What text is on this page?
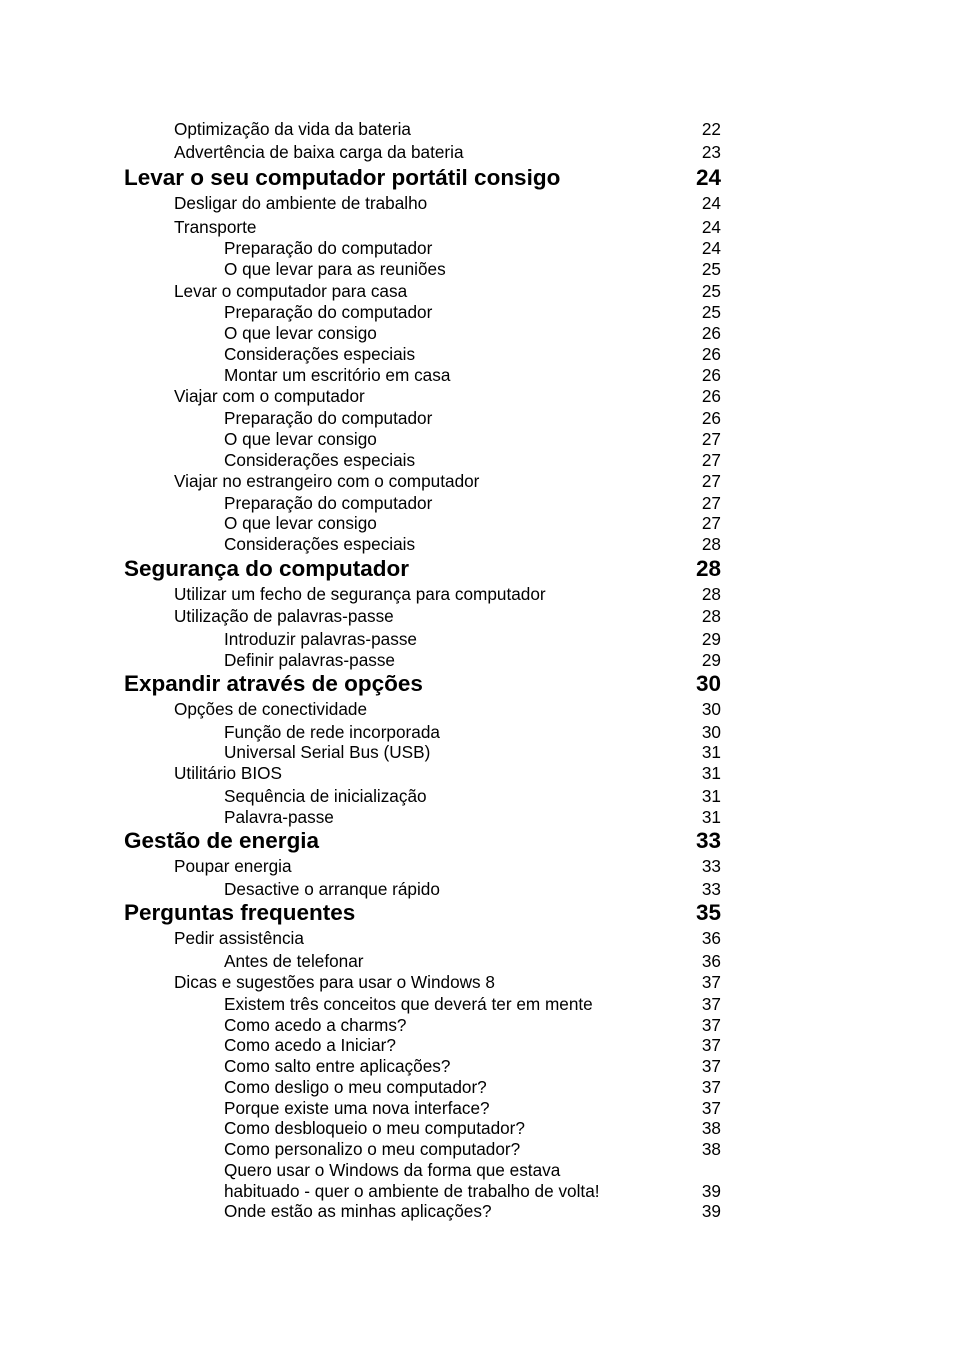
Optimização da vida da bateria	22
Advertência de baixa carga da bateria	23
Levar o seu computador portátil consigo	24
Desligar do ambiente de trabalho	24
Transporte	24
Preparação do computador	24
O que levar para as reuniões	25
Levar o computador para casa	25
Preparação do computador	25
O que levar consigo	26
Considerações especiais	26
Montar um escritório em casa	26
Viajar com o computador	26
Preparação do computador	26
O que levar consigo	27
Considerações especiais	27
Viajar no estrangeiro com o computador	27
Preparação do computador	27
O que levar consigo	27
Considerações especiais	28
Segurança do computador	28
Utilizar um fecho de segurança para computador	28
Utilização de palavras-passe	28
Introduzir palavras-passe	29
Definir palavras-passe	29
Expandir através de opções	30
Opções de conectividade	30
Função de rede incorporada	30
Universal Serial Bus (USB)	31
Utilitário BIOS	31
Sequência de inicialização	31
Palavra-passe	31
Gestão de energia	33
Poupar energia	33
Desactive o arranque rápido	33
Perguntas frequentes	35
Pedir assistência	36
Antes de telefonar	36
Dicas e sugestões para usar o Windows 8	37
Existem três conceitos que deverá ter em mente	37
Como acedo a charms?	37
Como acedo a Iniciar?	37
Como salto entre aplicações?	37
Como desligo o meu computador?	37
Porque existe uma nova interface?	37
Como desbloqueio o meu computador?	38
Como personalizo o meu computador?	38
Quero usar o Windows da forma que estava
habituado - quer o ambiente de trabalho de volta!	39
Onde estão as minhas aplicações?	39
